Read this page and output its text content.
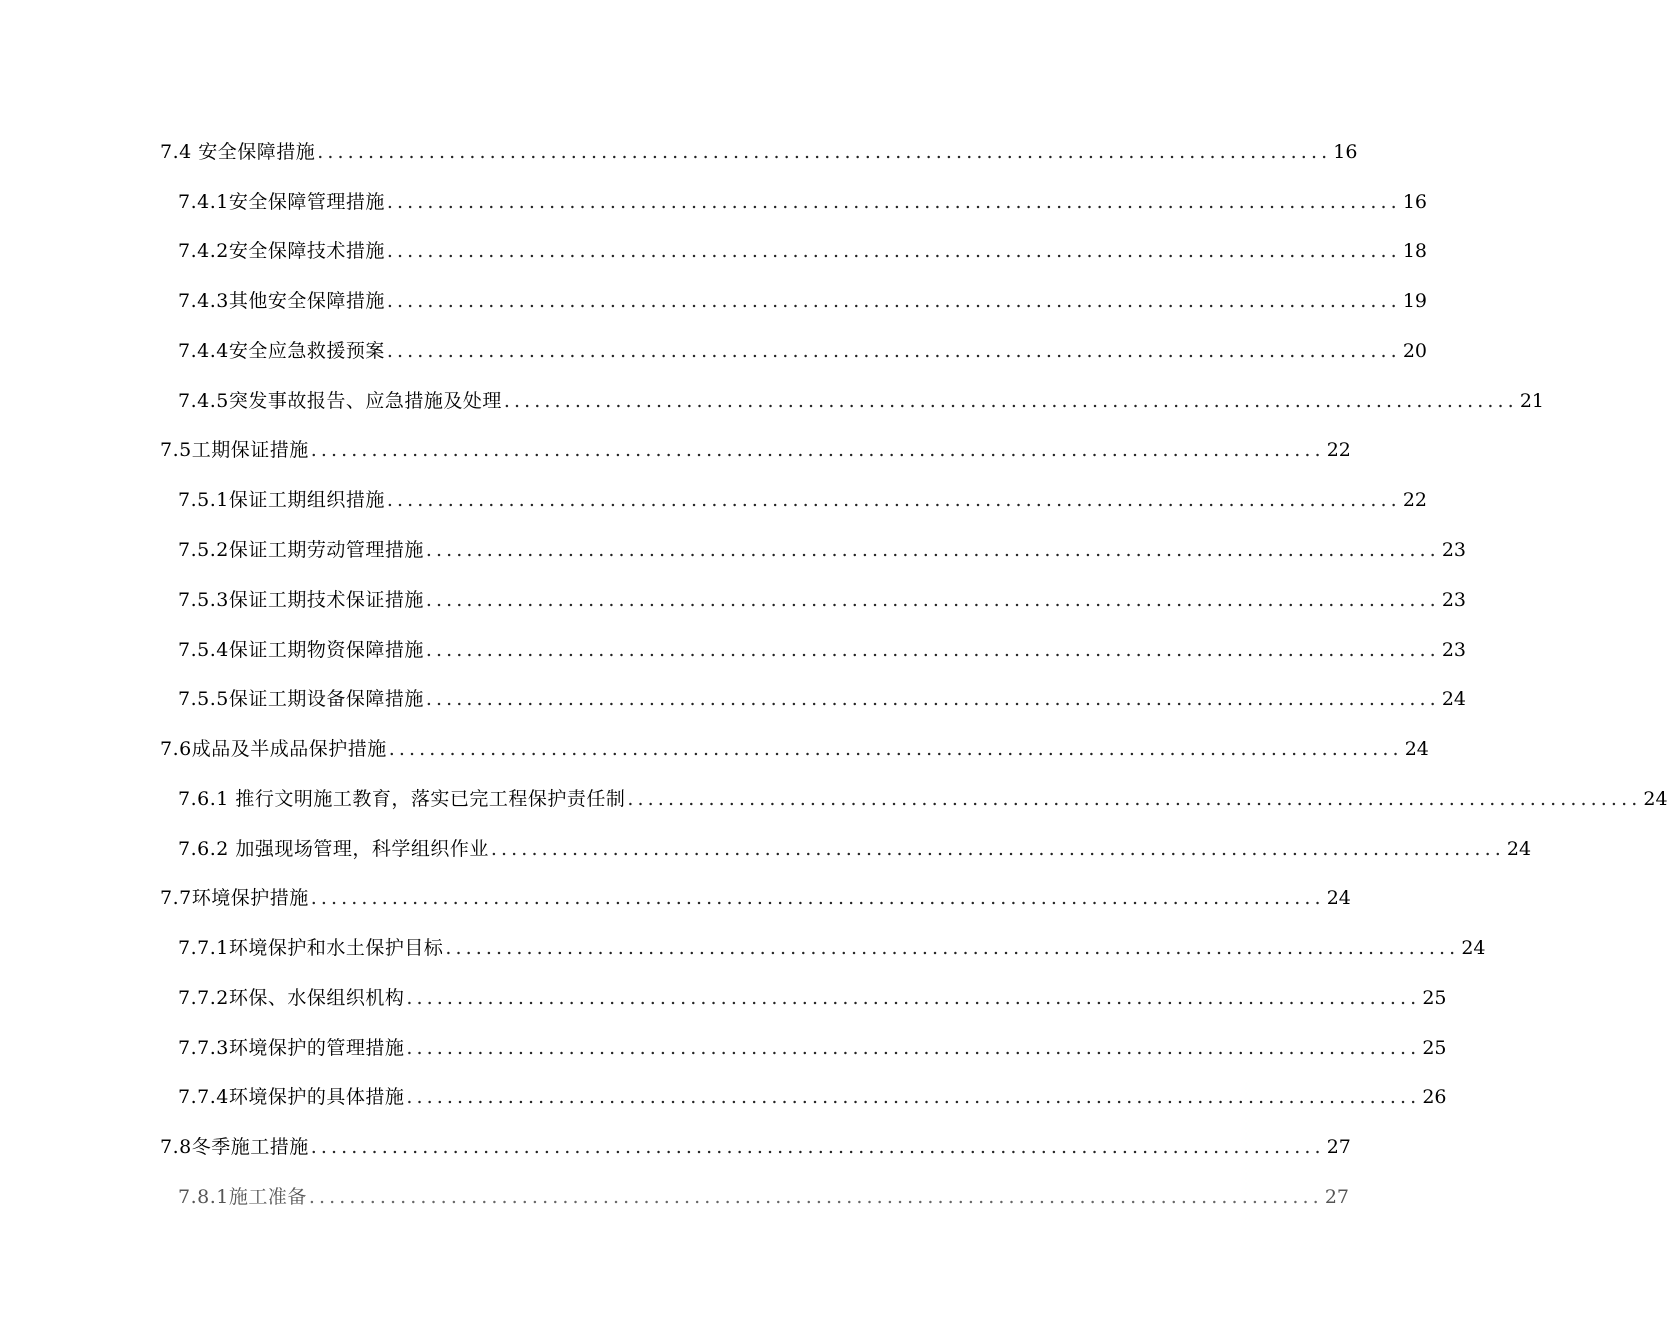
7.4 安全保障措施 .................................................................................................... 16
7.4.1安全保障管理措施 .................................................................................................... 16
7.4.2安全保障技术措施 .................................................................................................... 18
7.4.3其他安全保障措施 .................................................................................................... 19
7.4.4安全应急救援预案 .................................................................................................... 20
7.4.5突发事故报告、应急措施及处理 .................................................................................................... 21
7.5工期保证措施 .................................................................................................... 22
7.5.1保证工期组织措施 .................................................................................................... 22
7.5.2保证工期劳动管理措施 .................................................................................................... 23
7.5.3保证工期技术保证措施 .................................................................................................... 23
7.5.4保证工期物资保障措施 .................................................................................................... 23
7.5.5保证工期设备保障措施 .................................................................................................... 24
7.6成品及半成品保护措施 .................................................................................................... 24
7.6.1 推行文明施工教育，落实已完工程保护责任制 .................................................................................................... 24
7.6.2 加强现场管理，科学组织作业 .................................................................................................... 24
7.7环境保护措施 .................................................................................................... 24
7.7.1环境保护和水土保护目标 .................................................................................................... 24
7.7.2环保、水保组织机构 .................................................................................................... 25
7.7.3环境保护的管理措施 .................................................................................................... 25
7.7.4环境保护的具体措施 .................................................................................................... 26
7.8冬季施工措施 .................................................................................................... 27
7.8.1施工准备 .................................................................................................... 27
